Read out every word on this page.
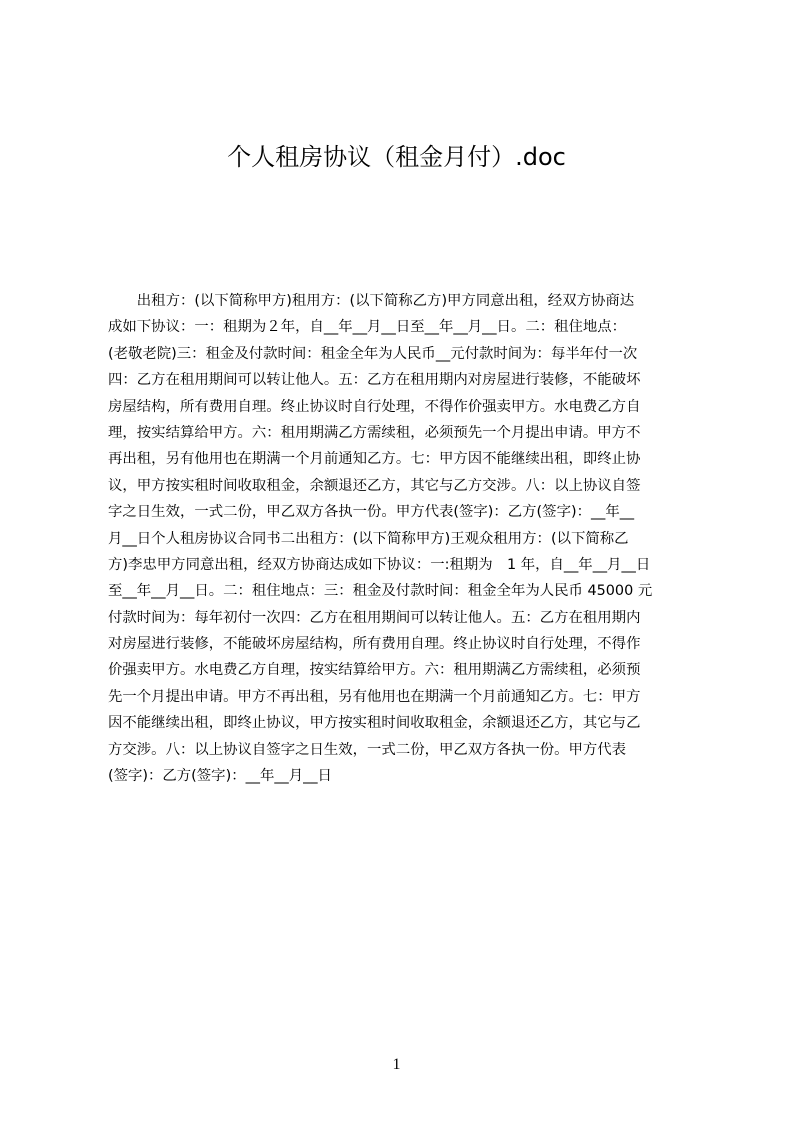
个人租房协议（租金月付）.doc
　　出租方：(以下简称甲方)租用方：(以下简称乙方)甲方同意出租，经双方协商达
成如下协议：一：租期为２年，自__年__月__日至__年__月__日。二：租住地点：
(老敬老院)三：租金及付款时间：租金全年为人民币__元付款时间为：每半年付一次
四：乙方在租用期间可以转让他人。五：乙方在租用期内对房屋进行装修，不能破坏
房屋结构，所有费用自理。终止协议时自行处理，不得作价强卖甲方。水电费乙方自
理，按实结算给甲方。六：租用期满乙方需续租，必须预先一个月提出申请。甲方不
再出租，另有他用也在期满一个月前通知乙方。七：甲方因不能继续出租，即终止协
议，甲方按实租时间收取租金，余额退还乙方，其它与乙方交涉。八：以上协议自签
字之日生效，一式二份，甲乙双方各执一份。甲方代表(签字)：乙方(签字)：__年__
月__日个人租房协议合同书二出租方：(以下简称甲方)王观众租用方：(以下简称乙
方)李忠甲方同意出租，经双方协商达成如下协议：一:租期为　1 年，自__年__月__日
至__年__月__日。二：租住地点：三：租金及付款时间：租金全年为人民币 45000 元
付款时间为：每年初付一次四：乙方在租用期间可以转让他人。五：乙方在租用期内
对房屋进行装修，不能破坏房屋结构，所有费用自理。终止协议时自行处理，不得作
价强卖甲方。水电费乙方自理，按实结算给甲方。六：租用期满乙方需续租，必须预
先一个月提出申请。甲方不再出租，另有他用也在期满一个月前通知乙方。七：甲方
因不能继续出租，即终止协议，甲方按实租时间收取租金，余额退还乙方，其它与乙
方交涉。八：以上协议自签字之日生效，一式二份，甲乙双方各执一份。甲方代表
(签字)：乙方(签字)：__年__月__日
1
